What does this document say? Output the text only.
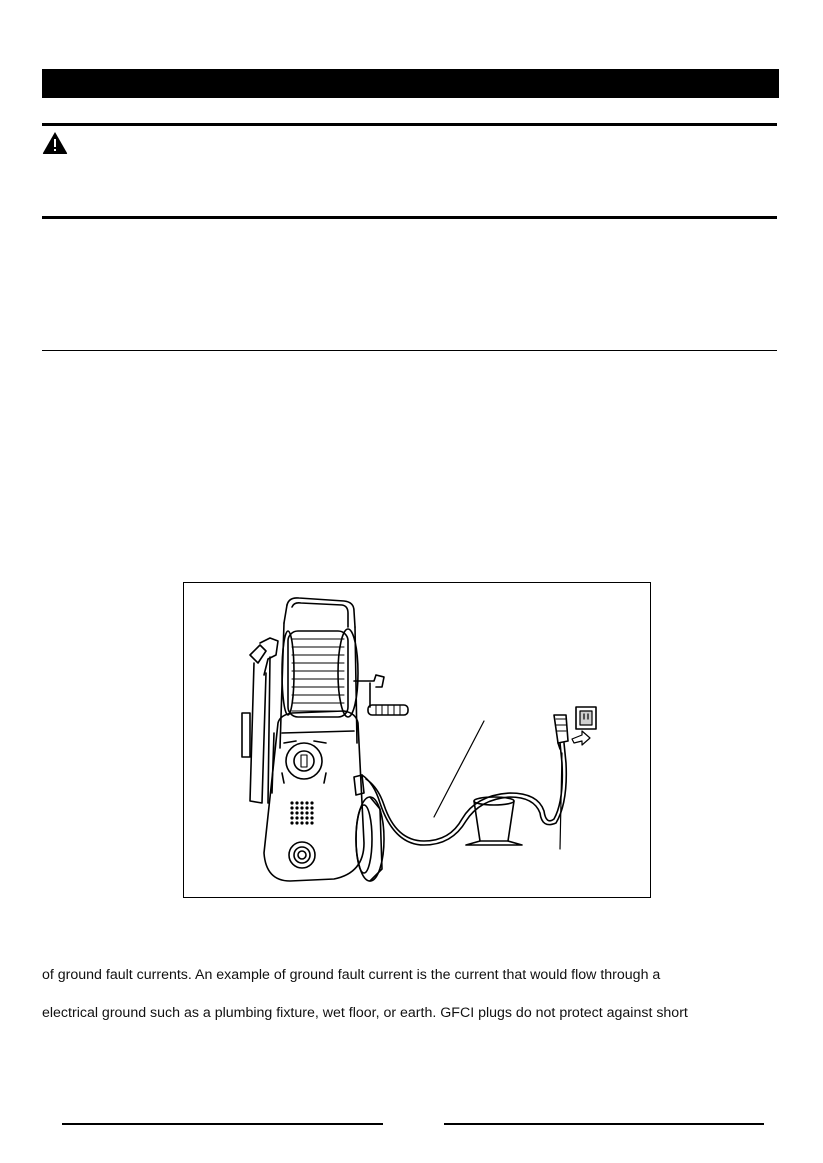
of ground fault currents. An example of ground fault current is the current that would flow through a
electrical ground such as a plumbing fixture, wet floor, or earth. GFCI plugs do not protect against short
